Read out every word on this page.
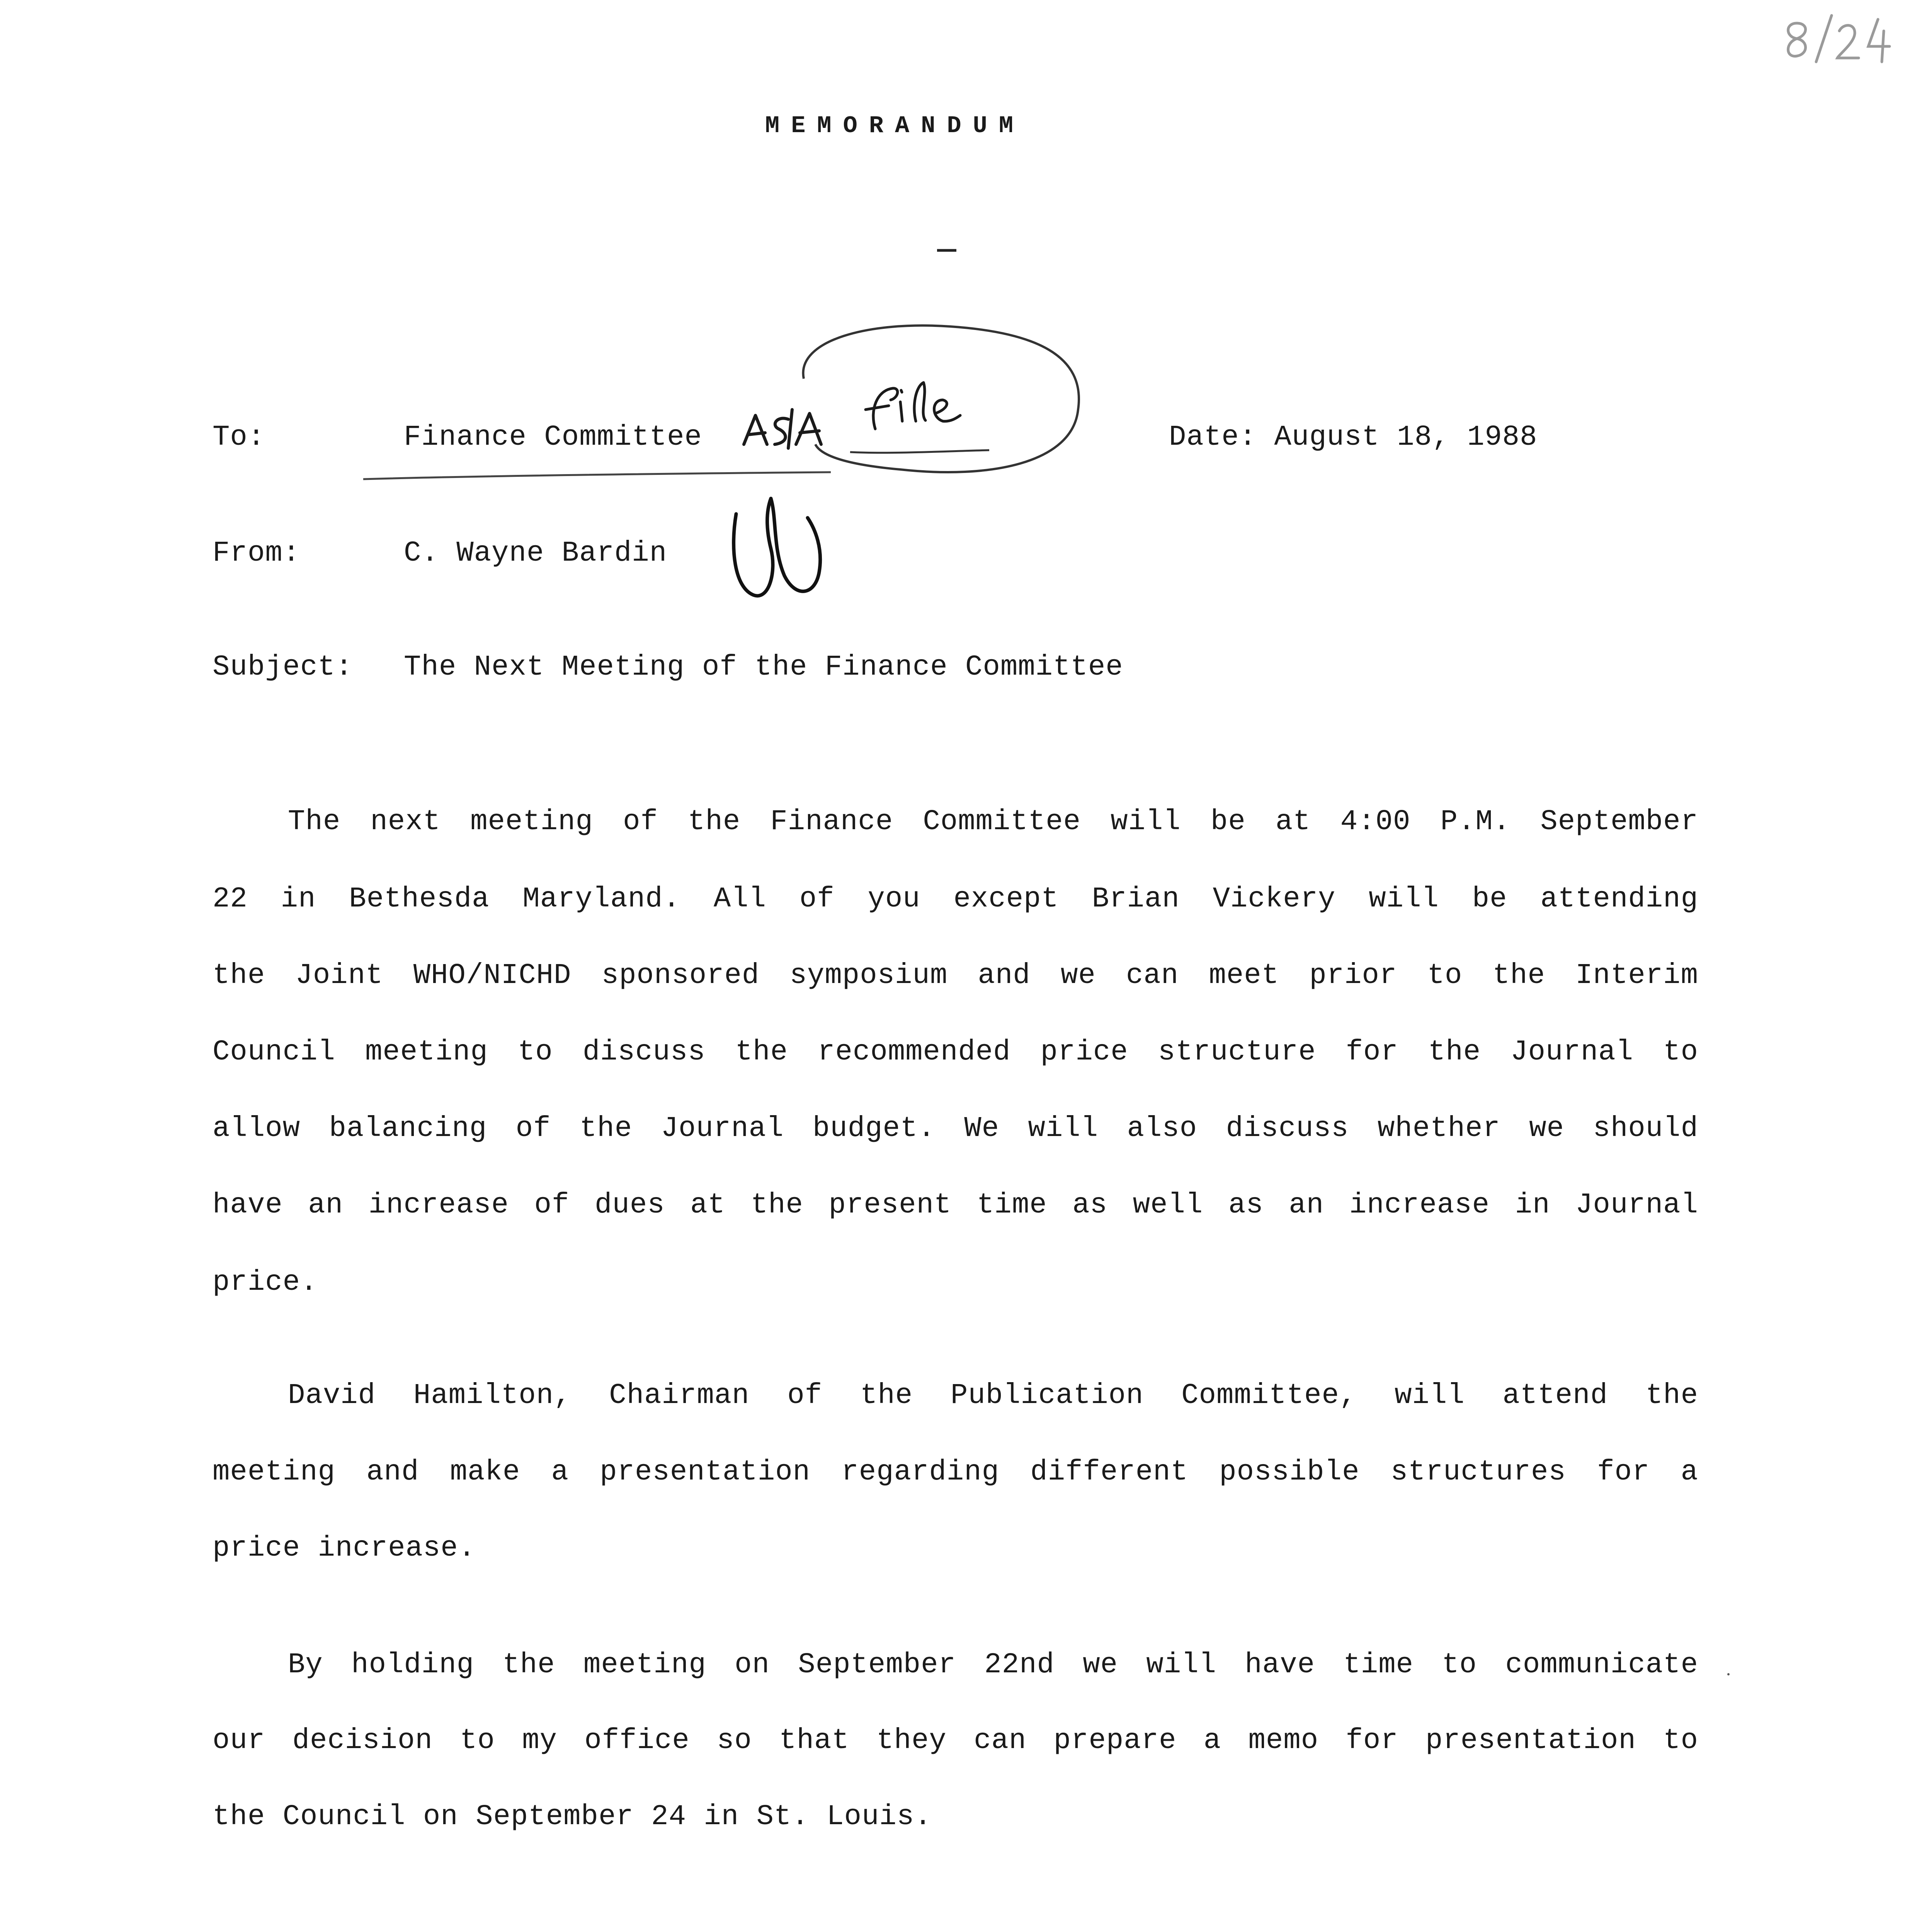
MEMORANDUM
To:	Finance Committee	Date: August 18, 1988
From:	C. Wayne Bardin
Subject: The Next Meeting of the Finance Committee
The next meeting of the Finance Committee will be at 4:00 P.M. September
22 in Bethesda Maryland. All of you except Brian Vickery will be attending
the Joint WHO/NICHD sponsored symposium and we can meet prior to the Interim
Council meeting to discuss the recommended price structure for the Journal to
allow balancing of the Journal budget. We will also discuss whether we should
have an increase of dues at the present time as well as an increase in Journal
price.
David Hamilton, Chairman of the Publication Committee, will attend the
meeting and make a presentation regarding different possible structures for a
price increase.
By holding the meeting on September 22nd we will have time to communicate
our decision to my office so that they can prepare a memo for presentation to
the Council on September 24 in St. Louis.
